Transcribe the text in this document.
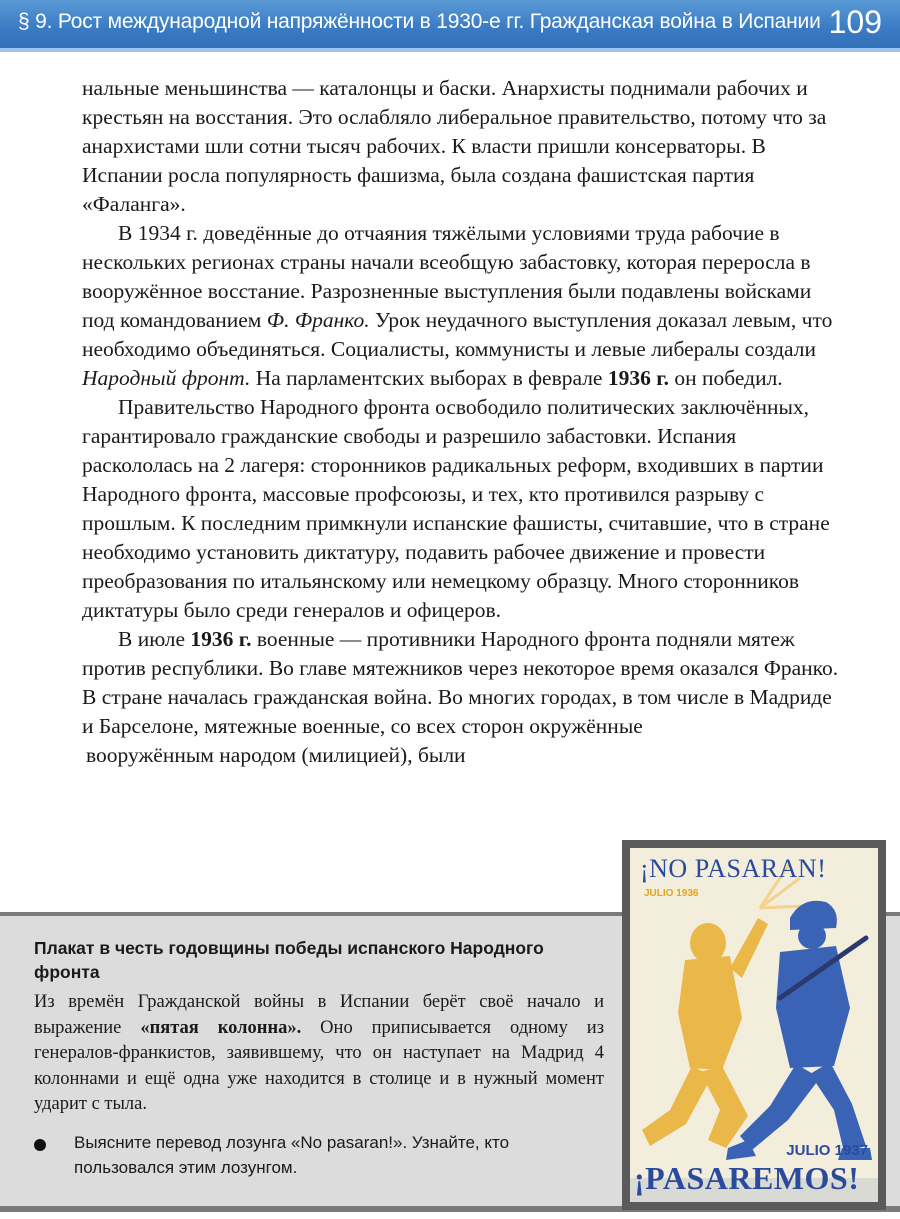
§ 9. Рост международной напряжённости в 1930-е гг. Гражданская война в Испании 109

нальные меньшинства — каталонцы и баски. Анархисты поднимали рабочих и крестьян на восстания. Это ослабляло либеральное правительство, потому что за анархистами шли сотни тысяч рабочих. К власти пришли консерваторы. В Испании росла популярность фашизма, была создана фашистская партия «Фаланга».

В 1934 г. доведённые до отчаяния тяжёлыми условиями труда рабочие в нескольких регионах страны начали всеобщую забастовку, которая переросла в вооружённое восстание. Разрозненные выступления были подавлены войсками под командованием Ф. Франко. Урок неудачного выступления доказал левым, что необходимо объединяться. Социалисты, коммунисты и левые либералы создали Народный фронт. На парламентских выборах в феврале 1936 г. он победил.

Правительство Народного фронта освободило политических заключённых, гарантировало гражданские свободы и разрешило забастовки. Испания раскололась на 2 лагеря: сторонников радикальных реформ, входивших в партии Народного фронта, массовые профсоюзы, и тех, кто противился разрыву с прошлым. К последним примкнули испанские фашисты, считавшие, что в стране необходимо установить диктатуру, подавить рабочее движение и провести преобразования по итальянскому или немецкому образцу. Много сторонников диктатуры было среди генералов и офицеров.

В июле 1936 г. военные — противники Народного фронта подняли мятеж против республики. Во главе мятежников через некоторое время оказался Франко. В стране началась гражданская война. Во многих городах, в том числе в Мадриде и Барселоне, мятежные военные, со всех сторон окружённые

вооружённым народом (милицией), были

Плакат в честь годовщины победы испанского Народного фронта
Из времён Гражданской войны в Испании берёт своё начало и выражение «пятая колонна». Оно приписывается одному из генералов-франкистов, заявившему, что он наступает на Мадрид 4 колоннами и ещё одна уже находится в столице и в нужный момент ударит с тыла.
Выясните перевод лозунга «No pasaran!». Узнайте, кто пользовался этим лозунгом.
¡NO PASARAN!
JULIO 1936
JULIO 1937
¡PASAREMOS!
